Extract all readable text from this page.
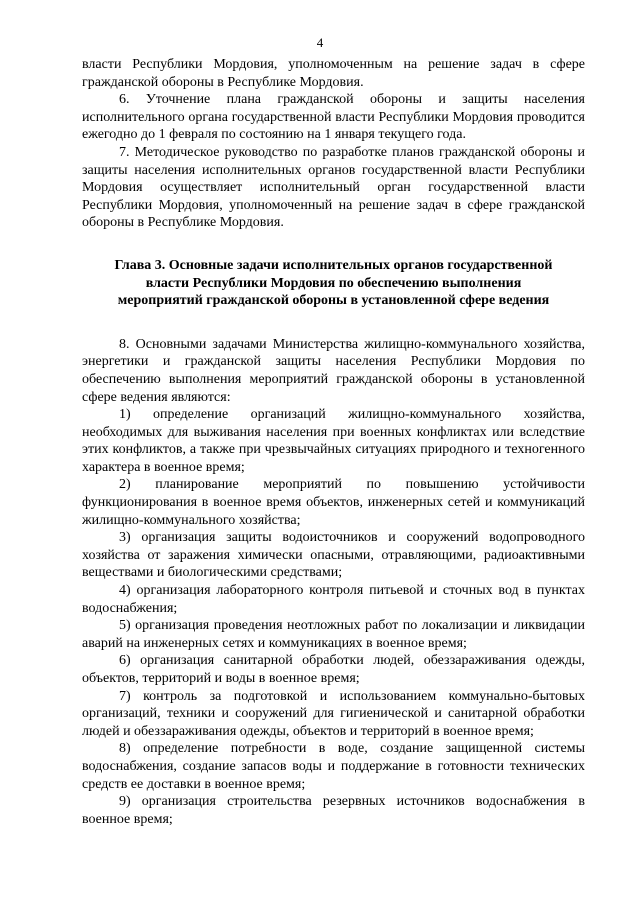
4

власти Республики Мордовия, уполномоченным на решение задач в сфере гражданской обороны в Республике Мордовия.

6. Уточнение плана гражданской обороны и защиты населения исполнительного органа государственной власти Республики Мордовия проводится ежегодно до 1 февраля по состоянию на 1 января текущего года.

7. Методическое руководство по разработке планов гражданской обороны и защиты населения исполнительных органов государственной власти Республики Мордовия осуществляет исполнительный орган государственной власти Республики Мордовия, уполномоченный на решение задач в сфере гражданской обороны в Республике Мордовия.

Глава 3. Основные задачи исполнительных органов государственной
власти Республики Мордовия по обеспечению выполнения
мероприятий гражданской обороны в установленной сфере ведения

8. Основными задачами Министерства жилищно-коммунального хозяйства, энергетики и гражданской защиты населения Республики Мордовия по обеспечению выполнения мероприятий гражданской обороны в установленной сфере ведения являются:

1) определение организаций жилищно-коммунального хозяйства, необходимых для выживания населения при военных конфликтах или вследствие этих конфликтов, а также при чрезвычайных ситуациях природного и техногенного характера в военное время;

2) планирование мероприятий по повышению устойчивости функционирования в военное время объектов, инженерных сетей и коммуникаций жилищно-коммунального хозяйства;

3) организация защиты водоисточников и сооружений водопроводного хозяйства от заражения химически опасными, отравляющими, радиоактивными веществами и биологическими средствами;

4) организация лабораторного контроля питьевой и сточных вод в пунктах водоснабжения;

5) организация проведения неотложных работ по локализации и ликвидации аварий на инженерных сетях и коммуникациях в военное время;

6) организация санитарной обработки людей, обеззараживания одежды, объектов, территорий и воды в военное время;

7) контроль за подготовкой и использованием коммунально-бытовых организаций, техники и сооружений для гигиенической и санитарной обработки людей и обеззараживания одежды, объектов и территорий в военное время;

8) определение потребности в воде, создание защищенной системы водоснабжения, создание запасов воды и поддержание в готовности технических средств ее доставки в военное время;

9) организация строительства резервных источников водоснабжения в военное время;
